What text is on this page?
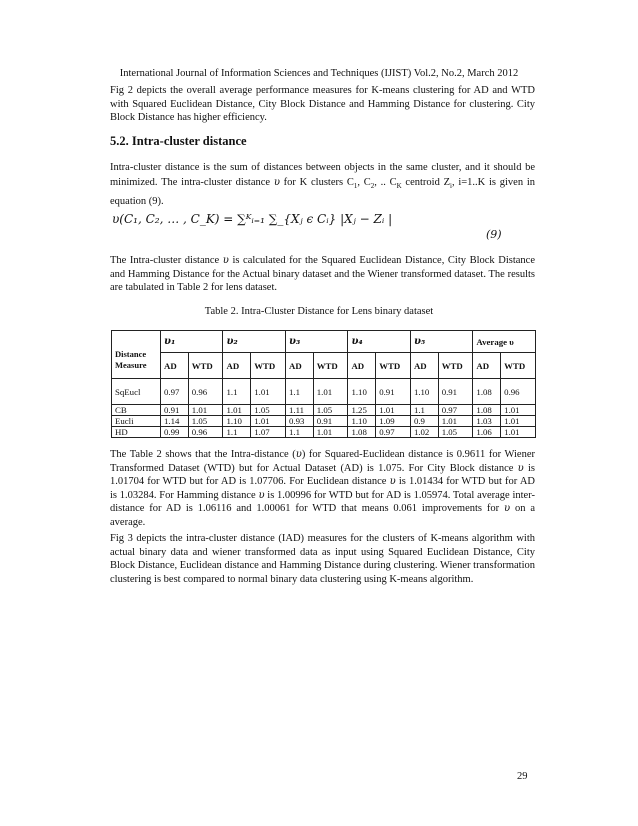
International Journal of Information Sciences and Techniques (IJIST) Vol.2, No.2, March 2012

Fig 2 depicts the overall average performance measures for K-means clustering for AD and WTD with Squared Euclidean Distance, City Block Distance and Hamming Distance for clustering. City Block Distance has higher efficiency.

5.2. Intra-cluster distance

Intra-cluster distance is the sum of distances between objects in the same cluster, and it should be minimized. The intra-cluster distance υ for K clusters $C_1$, $C_2$, .. $C_K$ centroid $Z_i$, i=1..K is given in equation (9).

υ(C₁, C₂, … , C_K) = ∑ᴷᵢ₌₁ ∑_{Xⱼ ϵ Cᵢ} |Xⱼ − Zᵢ |
(9)

The Intra-cluster distance υ is calculated for the Squared Euclidean Distance, City Block Distance and Hamming Distance for the Actual binary dataset and the Wiener transformed dataset. The results are tabulated in Table 2 for lens dataset.

Table 2. Intra-Cluster Distance for Lens binary dataset
Distance Measure	υ₁		υ₂		υ₃		υ₄		υ₅		Average υ	
	AD	WTD	AD	WTD	AD	WTD	AD	WTD	AD	WTD	AD	WTD
SqEucl	0.97	0.96	1.1	1.01	1.1	1.01	1.10	0.91	1.10	0.91	1.08	0.96
CB	0.91	1.01	1.01	1.05	1.11	1.05	1.25	1.01	1.1	0.97	1.08	1.01
Eucli	1.14	1.05	1.10	1.01	0.93	0.91	1.10	1.09	0.9	1.01	1.03	1.01
HD	0.99	0.96	1.1	1.07	1.1	1.01	1.08	0.97	1.02	1.05	1.06	1.01

The Table 2 shows that the Intra-distance (υ) for Squared-Euclidean distance is 0.9611 for Wiener Transformed Dataset (WTD) but for Actual Dataset (AD) is 1.075. For City Block distance υ is 1.01704 for WTD but for AD is 1.07706. For Euclidean distance υ is 1.01434 for WTD but for AD is 1.03284. For Hamming distance υ is 1.00996 for WTD but for AD is 1.05974. Total average inter-distance for AD is 1.06116 and 1.00061 for WTD that means 0.061 improvements for υ on a average.

Fig 3 depicts the intra-cluster distance (IAD) measures for the clusters of K-means algorithm with actual binary data and wiener transformed data as input using Squared Euclidean Distance, City Block Distance, Euclidean distance and Hamming Distance during clustering. Wiener transformation clustering is best compared to normal binary data clustering using K-means algorithm.

29
